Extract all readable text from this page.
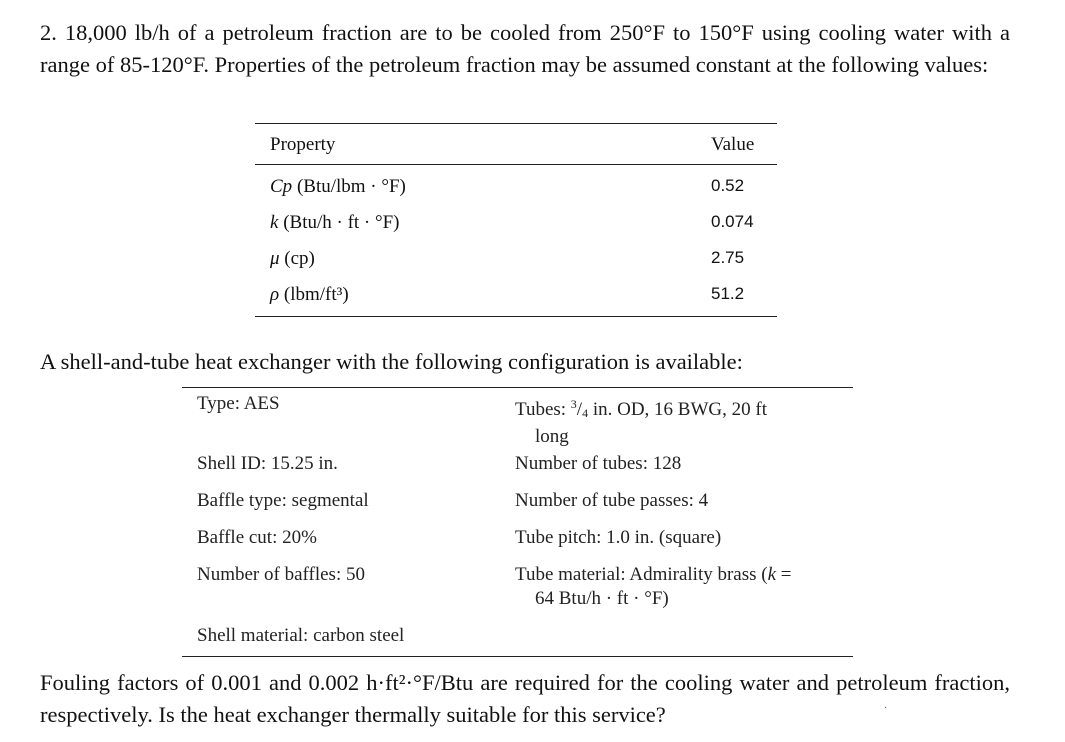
2. 18,000 lb/h of a petroleum fraction are to be cooled from 250°F to 150°F using cooling water with a range of 85-120°F. Properties of the petroleum fraction may be assumed constant at the following values:
Property	Value
Cp (Btu/lbm · °F)	0.52
k (Btu/h · ft · °F)	0.074
μ (cp)	2.75
ρ (lbm/ft³)	51.2
A shell-and-tube heat exchanger with the following configuration is available:
Type: AES	Tubes: $^3/_4$ in. OD, 16 BWG, 20 ft
long
Shell ID: 15.25 in.	Number of tubes: 128
Baffle type: segmental	Number of tube passes: 4
Baffle cut: 20%	Tube pitch: 1.0 in. (square)
Number of baffles: 50	Tube material: Admirality brass (k =
64 Btu/h · ft · °F)
Shell material: carbon steel
Fouling factors of 0.001 and 0.002 h·ft²·°F/Btu are required for the cooling water and petroleum fraction, respectively. Is the heat exchanger thermally suitable for this service?	·
